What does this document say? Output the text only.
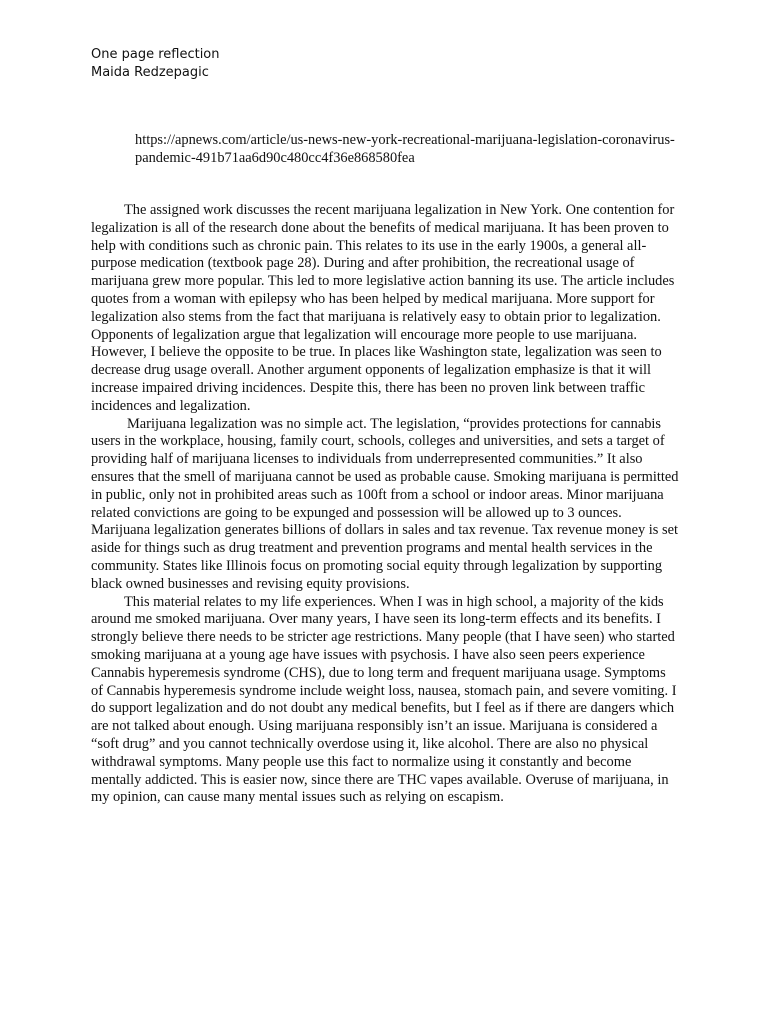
One page reflection
Maida Redzepagic
https://apnews.com/article/us-news-new-york-recreational-marijuana-legislation-coronavirus-pandemic-491b71aa6d90c480cc4f36e868580fea

The assigned work discusses the recent marijuana legalization in New York. One contention for legalization is all of the research done about the benefits of medical marijuana. It has been proven to help with conditions such as chronic pain. This relates to its use in the early 1900s, a general all-purpose medication (textbook page 28). During and after prohibition, the recreational usage of marijuana grew more popular. This led to more legislative action banning its use. The article includes quotes from a woman with epilepsy who has been helped by medical marijuana. More support for legalization also stems from the fact that marijuana is relatively easy to obtain prior to legalization. Opponents of legalization argue that legalization will encourage more people to use marijuana. However, I believe the opposite to be true. In places like Washington state, legalization was seen to decrease drug usage overall. Another argument opponents of legalization emphasize is that it will increase impaired driving incidences. Despite this, there has been no proven link between traffic incidences and legalization.

Marijuana legalization was no simple act. The legislation, “provides protections for cannabis users in the workplace, housing, family court, schools, colleges and universities, and sets a target of providing half of marijuana licenses to individuals from underrepresented communities.” It also ensures that the smell of marijuana cannot be used as probable cause. Smoking marijuana is permitted in public, only not in prohibited areas such as 100ft from a school or indoor areas. Minor marijuana related convictions are going to be expunged and possession will be allowed up to 3 ounces. Marijuana legalization generates billions of dollars in sales and tax revenue. Tax revenue money is set aside for things such as drug treatment and prevention programs and mental health services in the community. States like Illinois focus on promoting social equity through legalization by supporting black owned businesses and revising equity provisions.

This material relates to my life experiences. When I was in high school, a majority of the kids around me smoked marijuana. Over many years, I have seen its long-term effects and its benefits. I strongly believe there needs to be stricter age restrictions. Many people (that I have seen) who started smoking marijuana at a young age have issues with psychosis. I have also seen peers experience Cannabis hyperemesis syndrome (CHS), due to long term and frequent marijuana usage. Symptoms of Cannabis hyperemesis syndrome include weight loss, nausea, stomach pain, and severe vomiting. I do support legalization and do not doubt any medical benefits, but I feel as if there are dangers which are not talked about enough. Using marijuana responsibly isn’t an issue. Marijuana is considered a “soft drug” and you cannot technically overdose using it, like alcohol. There are also no physical withdrawal symptoms. Many people use this fact to normalize using it constantly and become mentally addicted. This is easier now, since there are THC vapes available. Overuse of marijuana, in my opinion, can cause many mental issues such as relying on escapism.
